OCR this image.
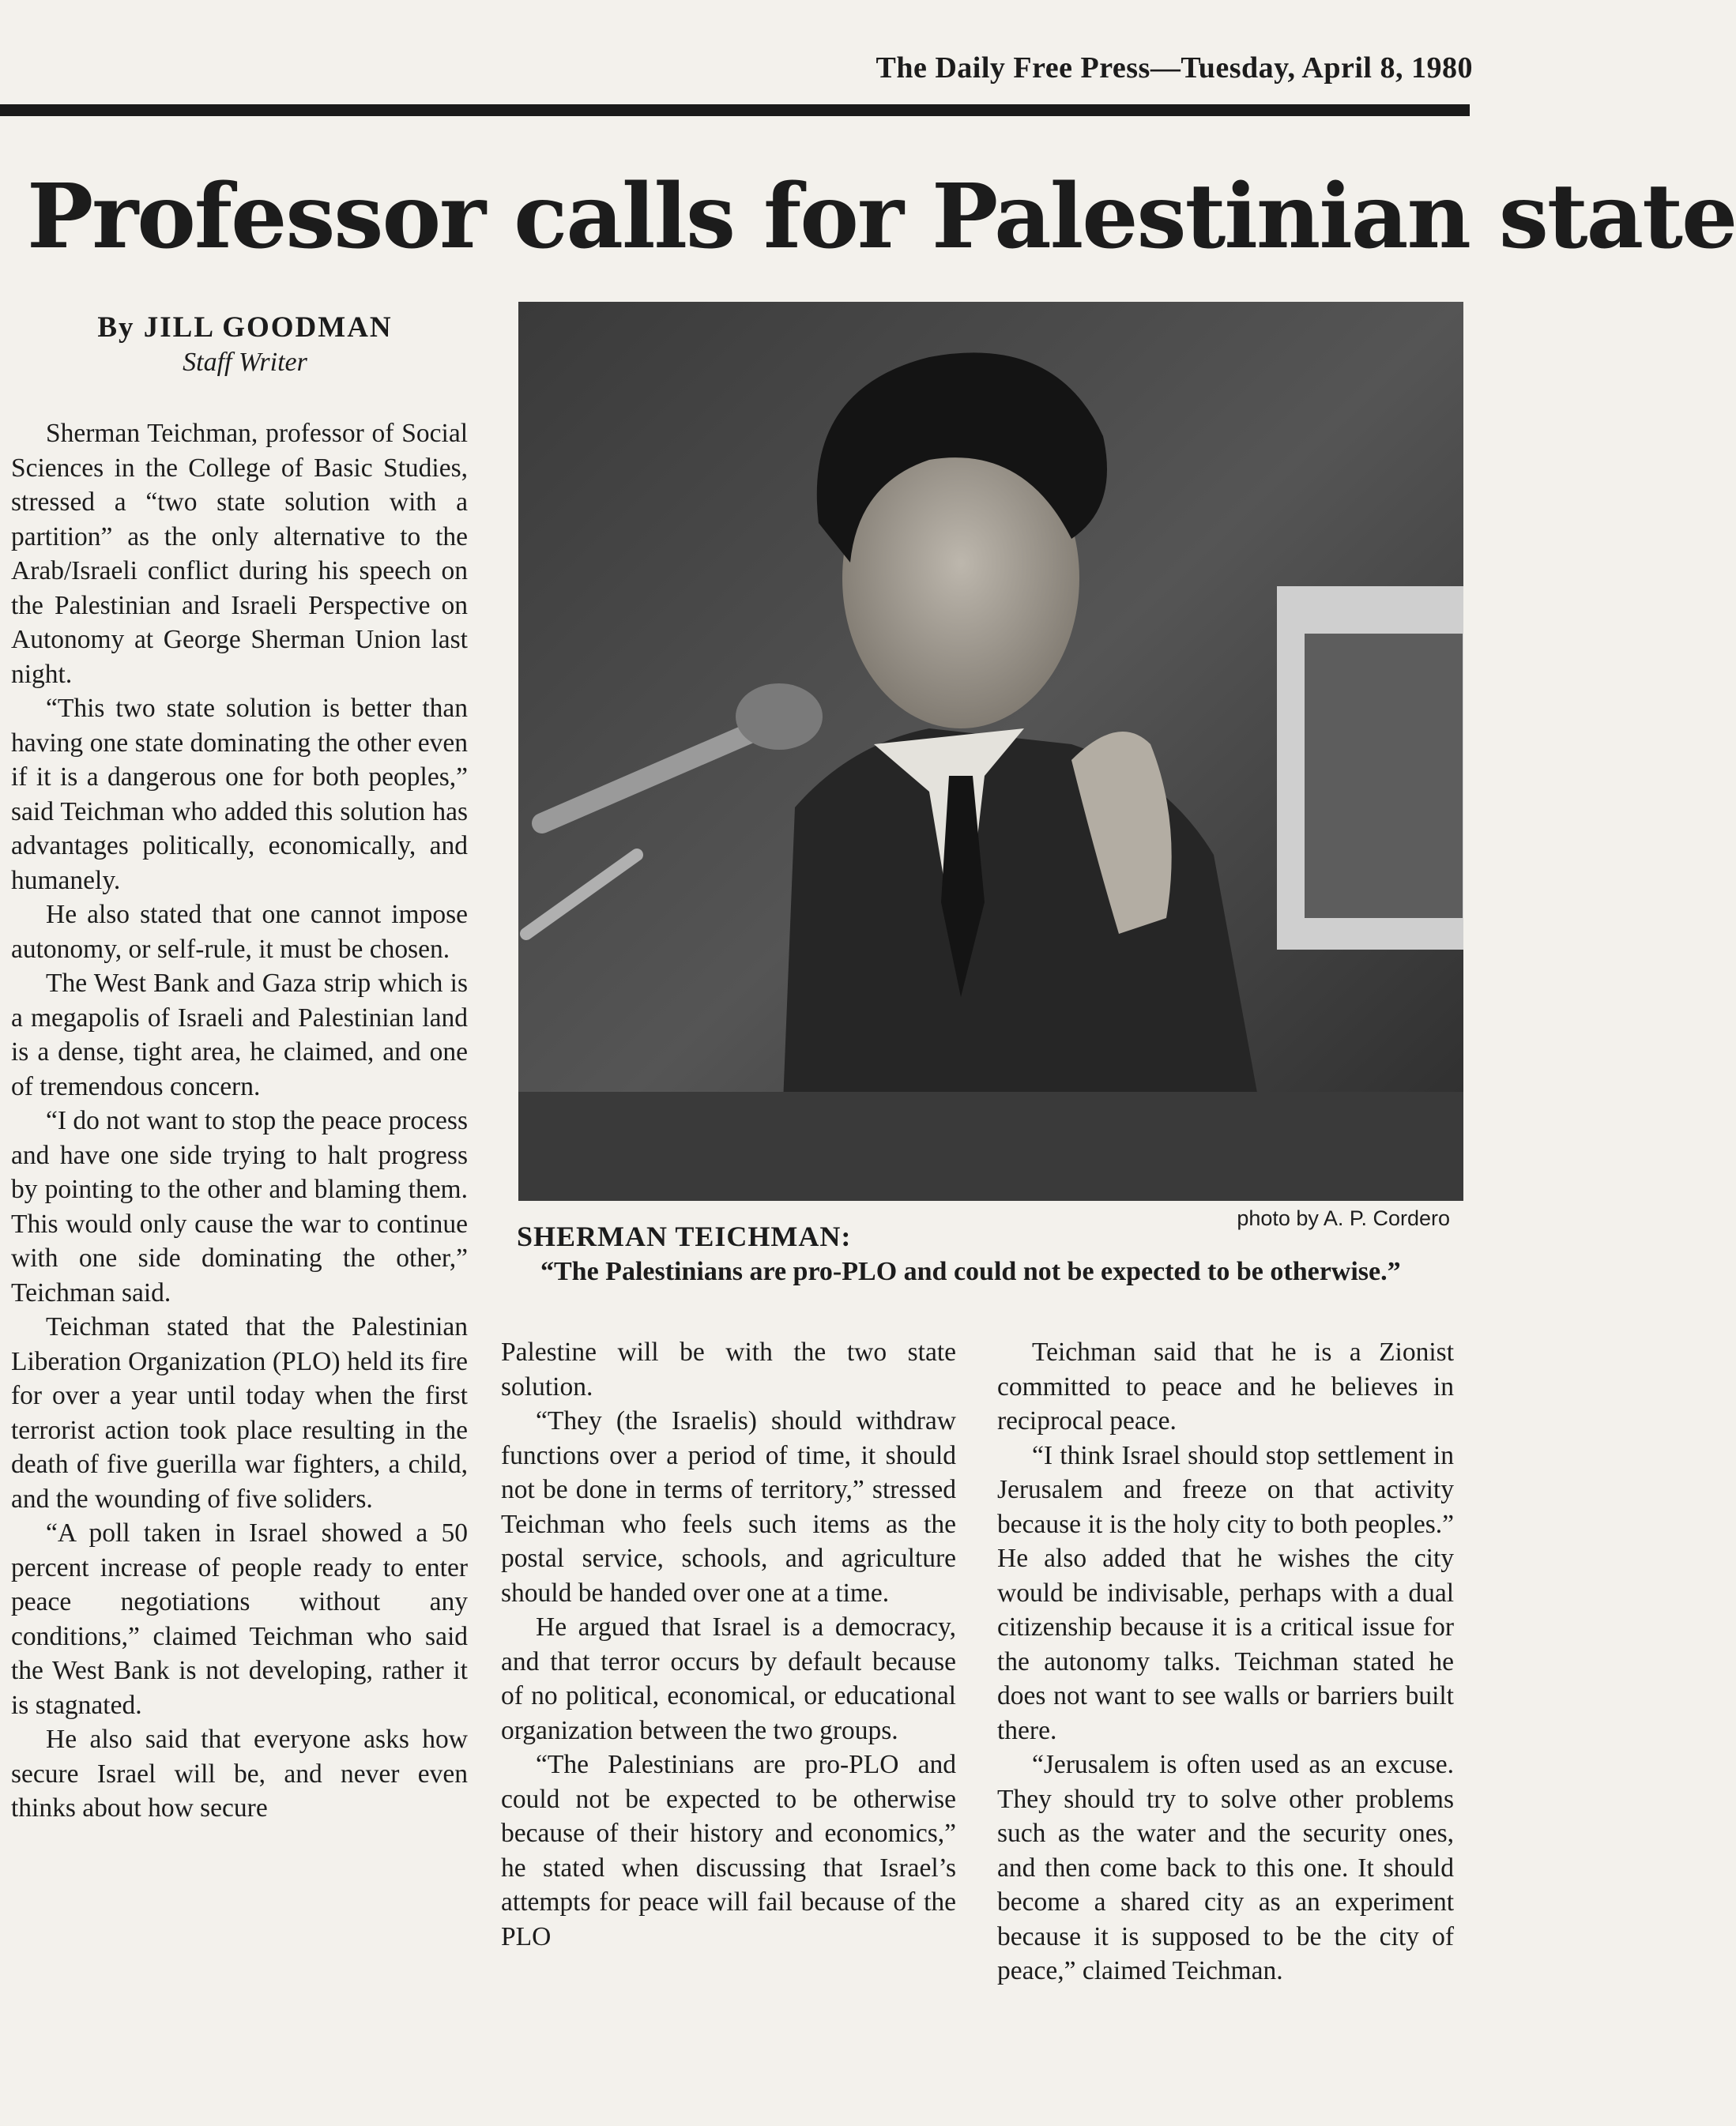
The Daily Free Press—Tuesday, April 8, 1980
Professor calls for Palestinian state
By JILL GOODMAN
Staff Writer

Sherman Teichman, professor of Social Sciences in the College of Basic Studies, stressed a “two state solution with a partition” as the only alternative to the Arab/Israeli conflict during his speech on the Palestinian and Israeli Perspective on Autonomy at George Sherman Union last night.

“This two state solution is better than having one state dominating the other even if it is a dangerous one for both peoples,” said Teichman who added this solution has advantages politically, economically, and humanely.

He also stated that one cannot impose autonomy, or self-rule, it must be chosen.

The West Bank and Gaza strip which is a megapolis of Israeli and Palestinian land is a dense, tight area, he claimed, and one of tremendous concern.

“I do not want to stop the peace process and have one side trying to halt progress by pointing to the other and blaming them. This would only cause the war to continue with one side dominating the other,” Teichman said.

Teichman stated that the Palestinian Liberation Organization (PLO) held its fire for over a year until today when the first terrorist action took place resulting in the death of five guerilla war fighters, a child, and the wounding of five soliders.

“A poll taken in Israel showed a 50 percent increase of people ready to enter peace negotiations without any conditions,” claimed Teichman who said the West Bank is not developing, rather it is stagnated.

He also said that everyone asks how secure Israel will be, and never even thinks about how secure

photo by A. P. Cordero
SHERMAN TEICHMAN:
“The Palestinians are pro-PLO and could not be expected to be otherwise.”

Palestine will be with the two state solution.

“They (the Israelis) should withdraw functions over a period of time, it should not be done in terms of territory,” stressed Teichman who feels such items as the postal service, schools, and agriculture should be handed over one at a time.

He argued that Israel is a democracy, and that terror occurs by default because of no political, economical, or educational organization between the two groups.

“The Palestinians are pro-PLO and could not be expected to be otherwise because of their history and economics,” he stated when discussing that Israel’s attempts for peace will fail because of the PLO

Teichman said that he is a Zionist committed to peace and he believes in reciprocal peace.

“I think Israel should stop settlement in Jerusalem and freeze on that activity because it is the holy city to both peoples.” He also added that he wishes the city would be indivisable, perhaps with a dual citizenship because it is a critical issue for the autonomy talks. Teichman stated he does not want to see walls or barriers built there.

“Jerusalem is often used as an excuse. They should try to solve other problems such as the water and the security ones, and then come back to this one. It should become a shared city as an experiment because it is supposed to be the city of peace,” claimed Teichman.
